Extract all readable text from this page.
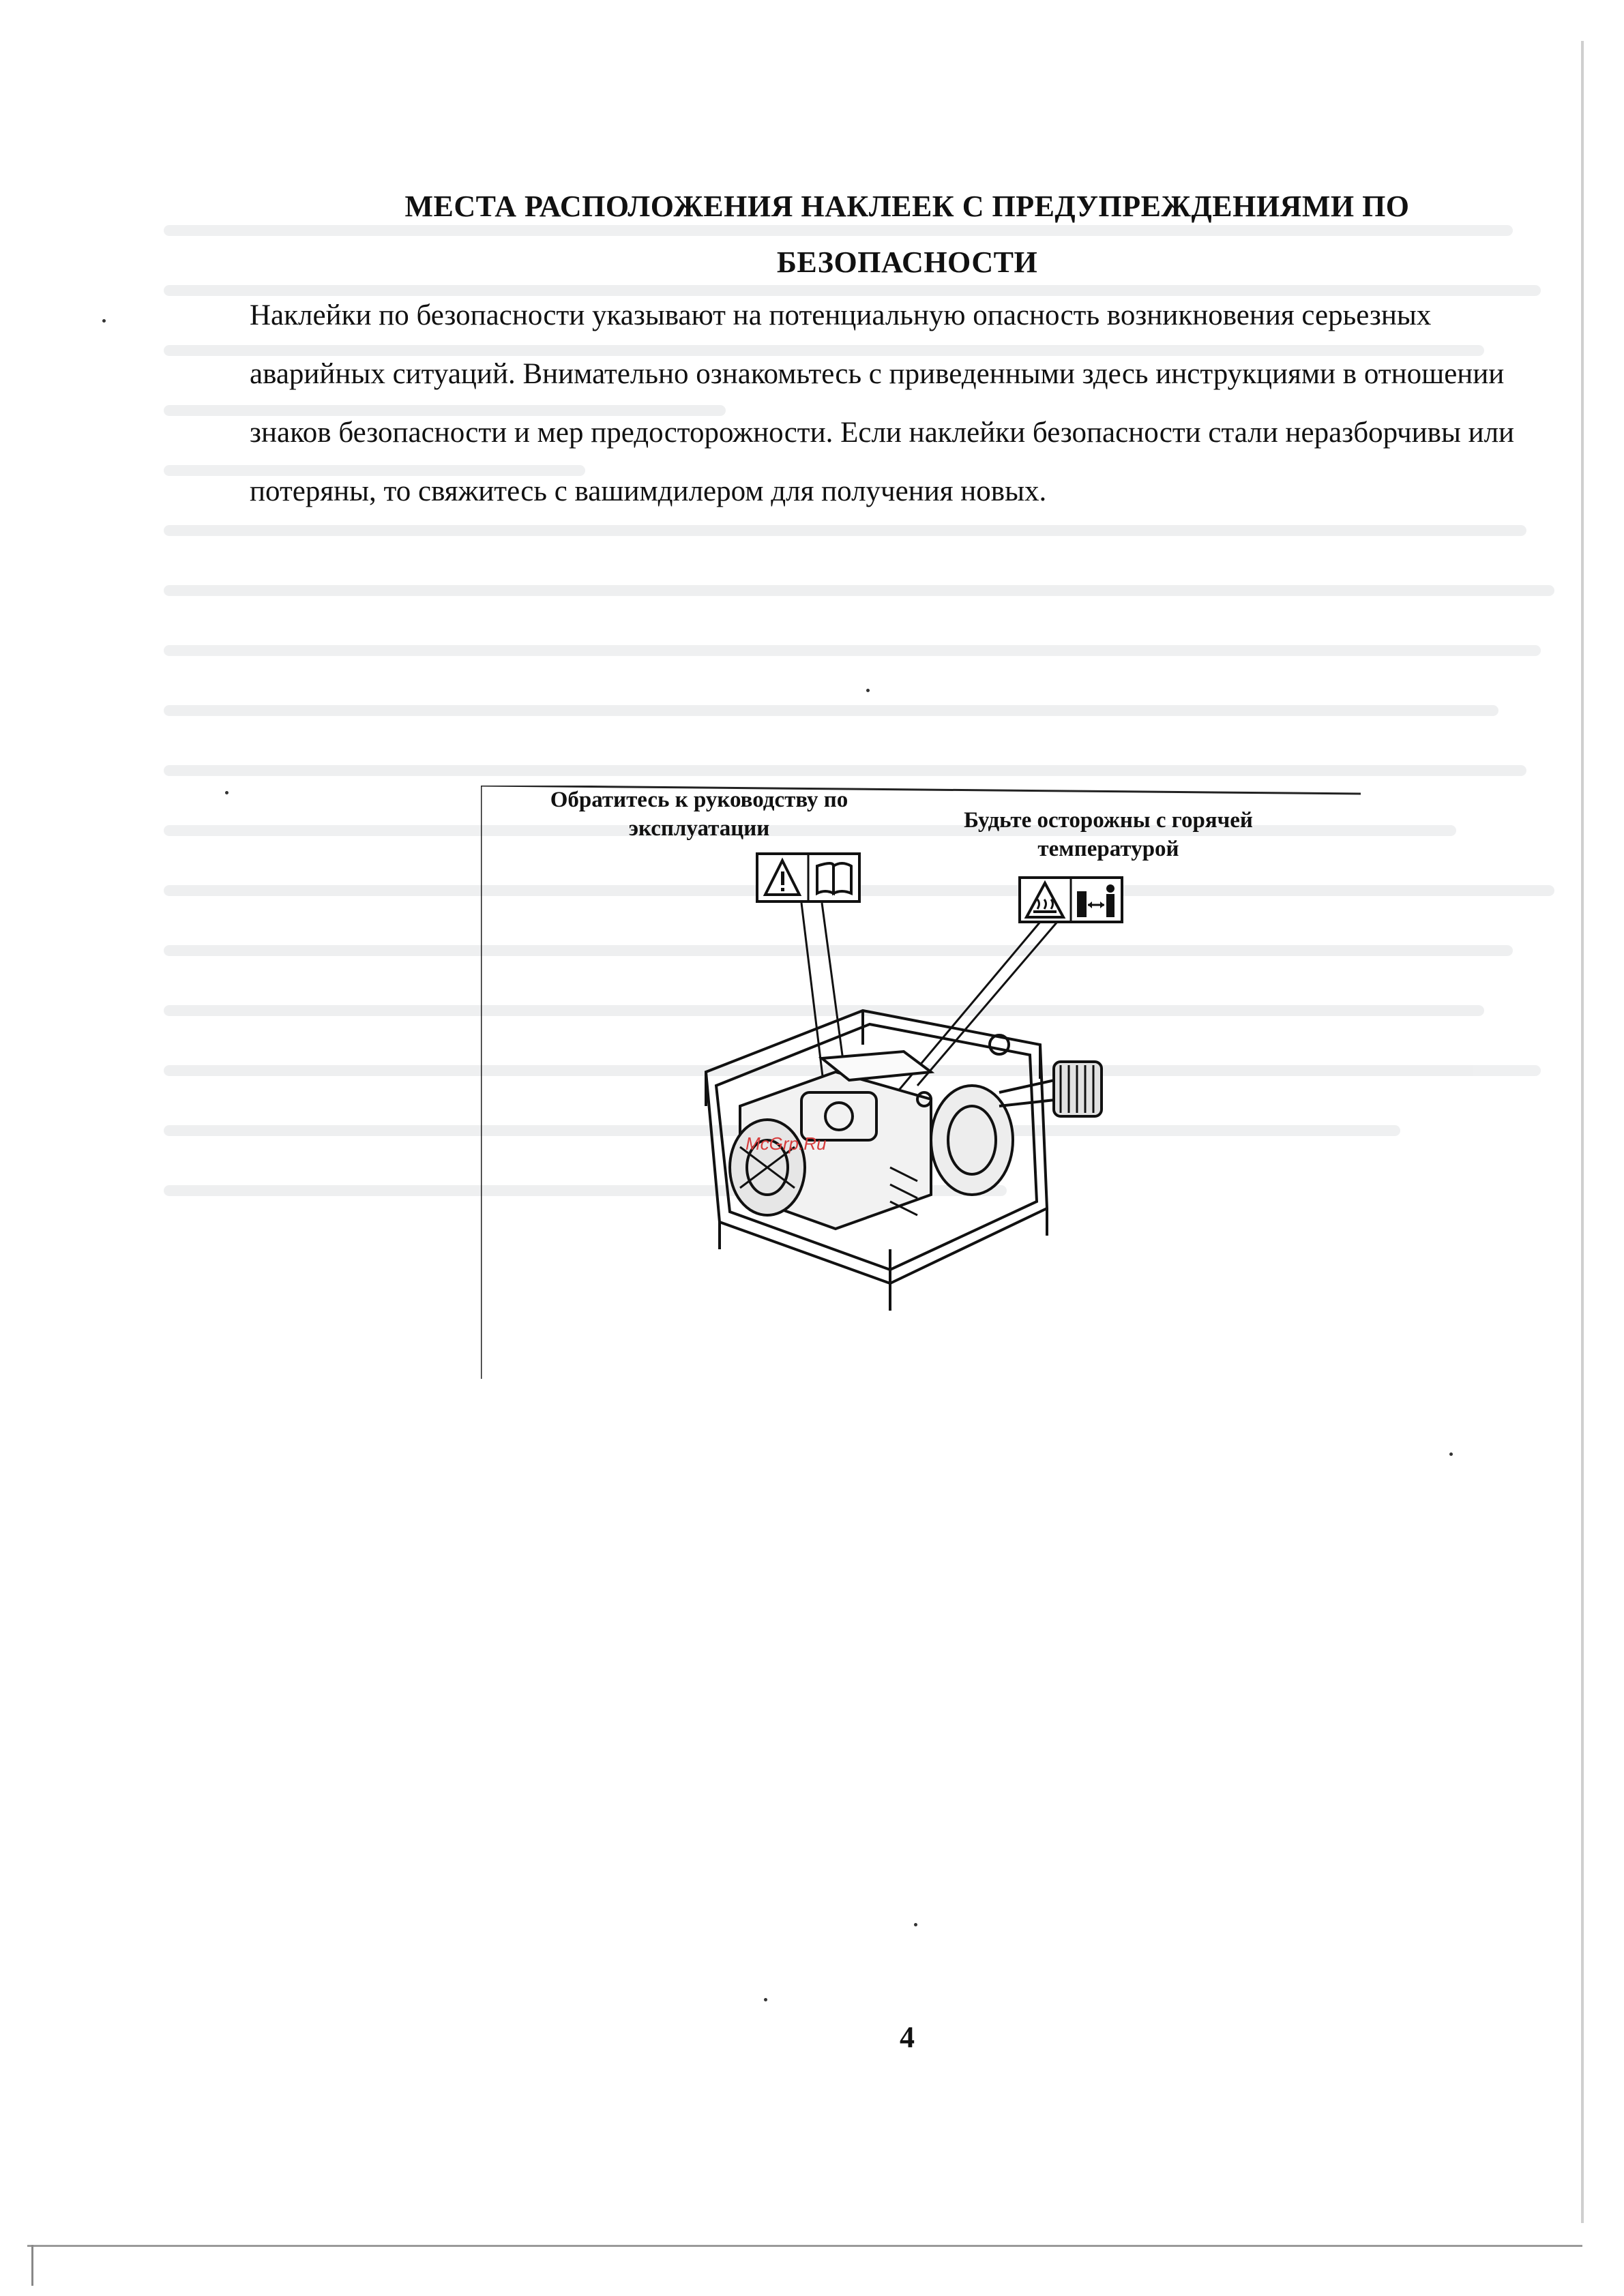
МЕСТА РАСПОЛОЖЕНИЯ НАКЛЕЕК С ПРЕДУПРЕЖДЕНИЯМИ ПО БЕЗОПАСНОСТИ
Наклейки по безопасности указывают на потенциальную опасность возникновения серьезных аварийных ситуаций. Внимательно ознакомьтесь с приведенными здесь инструкциями в отношении знаков безопасности и мер предосторожности. Если наклейки безопасности стали неразборчивы или потеряны, то свяжитесь с вашимдилером для получения новых.
Обратитесь к руководству по эксплуатации	Будьте осторожны с горячей температурой
McGrp.Ru
4
